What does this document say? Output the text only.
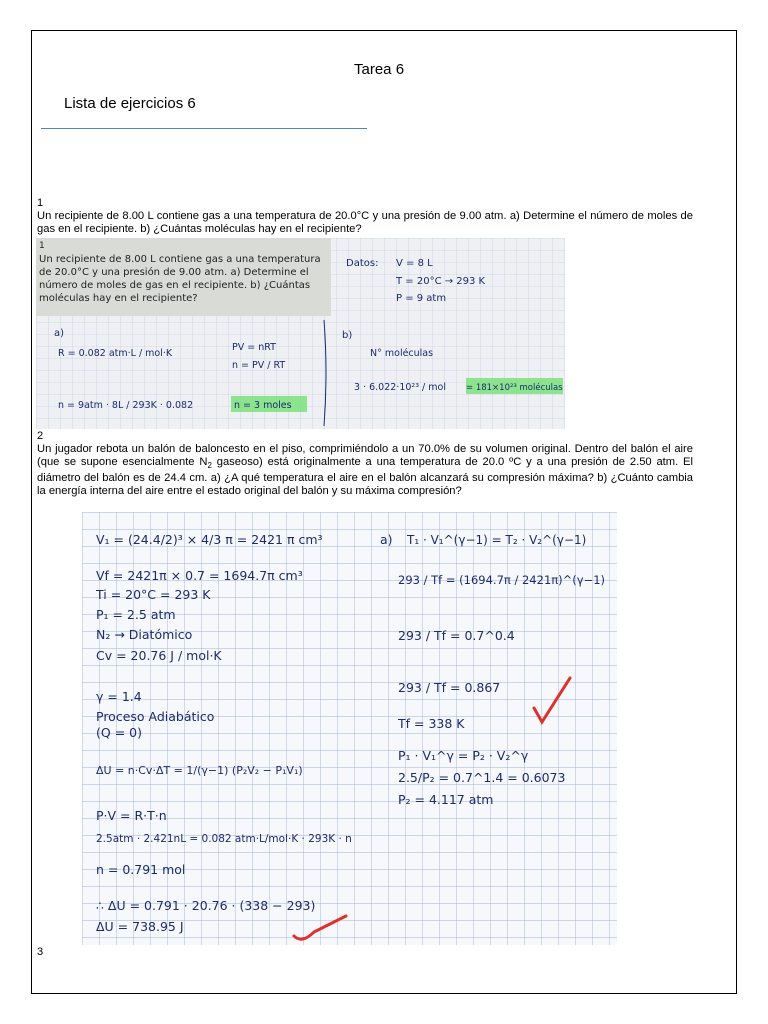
Tarea 6
Lista de ejercicios 6
1
Un recipiente de 8.00 L contiene gas a una temperatura de 20.0°C y una presión de 9.00 atm. a) Determine el número de moles de gas en el recipiente. b) ¿Cuántas moléculas hay en el recipiente?
1
Un recipiente de 8.00 L contiene gas a una temperatura
de 20.0°C y una presión de 9.00 atm. a) Determine el
número de moles de gas en el recipiente. b) ¿Cuántas
moléculas hay en el recipiente?
Datos: V = 8 L
T = 20°C → 293 K
P = 9 atm
a)
R = 0.082 atm·L / mol·K
PV = nRT
n = PV / RT
n = 9atm · 8L / 293K · 0.082	n = 3 moles
b)
N° moléculas
3 · 6.022·10²³ / mol = 181×10²³ moléculas
2
Un jugador rebota un balón de baloncesto en el piso, comprimiéndolo a un 70.0% de su volumen original. Dentro del balón el aire (que se supone esencialmente $N_2$ gaseoso) está originalmente a una temperatura de 20.0 ºC y a una presión de 2.50 atm. El diámetro del balón es de 24.4 cm. a) ¿A qué temperatura el aire en el balón alcanzará su compresión máxima? b) ¿Cuánto cambia la energía interna del aire entre el estado original del balón y su máxima compresión?
V₁ = (24.4/2)³ × 4/3 π = 2421 π cm³
Vf = 2421π × 0.7 = 1694.7π cm³
Ti = 20°C = 293 K
P₁ = 2.5 atm
N₂ → Diatómico
Cv = 20.76 J / mol·K
γ = 1.4
Proceso Adiabático
(Q = 0)
ΔU = n·Cv·ΔT = 1/(γ−1) (P₂V₂ − P₁V₁)
P·V = R·T·n
2.5atm · 2.421nL = 0.082 atm·L/mol·K · 293K · n
n = 0.791 mol
∴ ΔU = 0.791 · 20.76 · (338 − 293)
ΔU = 738.95 J
a) T₁ · V₁^(γ−1) = T₂ · V₂^(γ−1)
293 / Tf = (1694.7π / 2421π)^(γ−1)
293 / Tf = 0.7^0.4
293 / Tf = 0.867
Tf = 338 K
P₁ · V₁^γ = P₂ · V₂^γ
2.5/P₂ = 0.7^1.4 = 0.6073
P₂ = 4.117 atm
3
